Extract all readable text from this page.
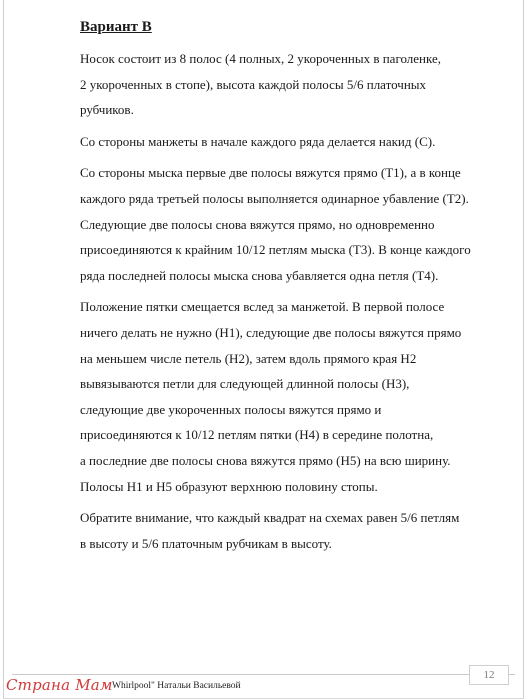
Вариант В
Носок состоит из 8 полос (4 полных, 2 укороченных в паголенке,
2 укороченных в стопе), высота каждой полосы 5/6 платочных
рубчиков.
Со стороны манжеты в начале каждого ряда делается накид (С).
Со стороны мыска первые две полосы вяжутся прямо (Т1), а в конце
каждого ряда третьей полосы выполняется одинарное убавление (Т2).
Следующие две полосы снова вяжутся прямо, но одновременно
присоединяются к крайним 10/12 петлям мыска (Т3). В конце каждого
ряда последней полосы мыска снова убавляется одна петля (Т4).
Положение пятки смещается вслед за манжетой. В первой полосе
ничего делать не нужно (Н1), следующие две полосы вяжутся прямо
на меньшем числе петель (Н2), затем вдоль прямого края Н2
вывязываются петли для следующей длинной полосы (Н3),
следующие две укороченных полосы вяжутся прямо и
присоединяются к 10/12 петлям пятки (Н4) в середине полотна,
а последние две полосы снова вяжутся прямо (Н5) на всю ширину.
Полосы Н1 и Н5 образуют верхнюю половину стопы.
Обратите внимание, что каждый квадрат на схемах равен 5/6 петлям
в высоту и 5/6 платочным рубчикам в высоту.
12
Whirlpool" Натальи Васильевой
Страна Мам
